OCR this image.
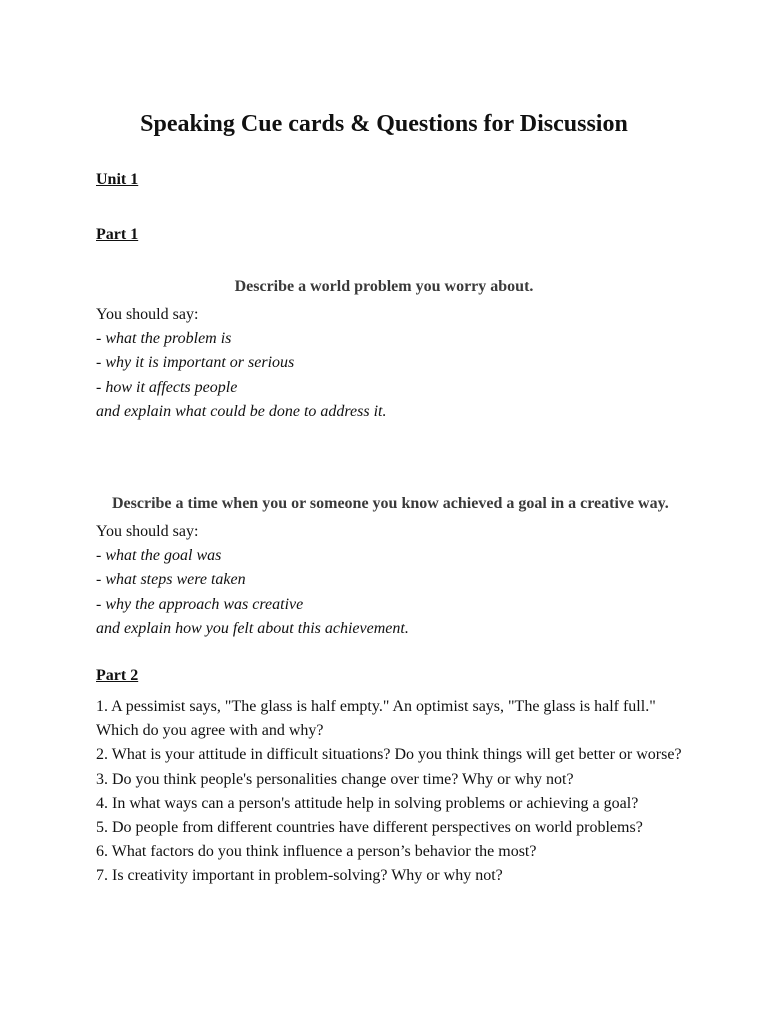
Speaking Cue cards & Questions for Discussion

Unit 1

Part 1

Describe a world problem you worry about.

You should say:
- what the problem is
- why it is important or serious
- how it affects people
and explain what could be done to address it.

Describe a time when you or someone you know achieved a goal in a creative way.

You should say:
- what the goal was
- what steps were taken
- why the approach was creative
and explain how you felt about this achievement.

Part 2

1. A pessimist says, "The glass is half empty." An optimist says, "The glass is half full."
Which do you agree with and why?
2. What is your attitude in difficult situations? Do you think things will get better or worse?
3. Do you think people's personalities change over time? Why or why not?
4. In what ways can a person's attitude help in solving problems or achieving a goal?
5. Do people from different countries have different perspectives on world problems?
6. What factors do you think influence a person’s behavior the most?
7. Is creativity important in problem-solving? Why or why not?
